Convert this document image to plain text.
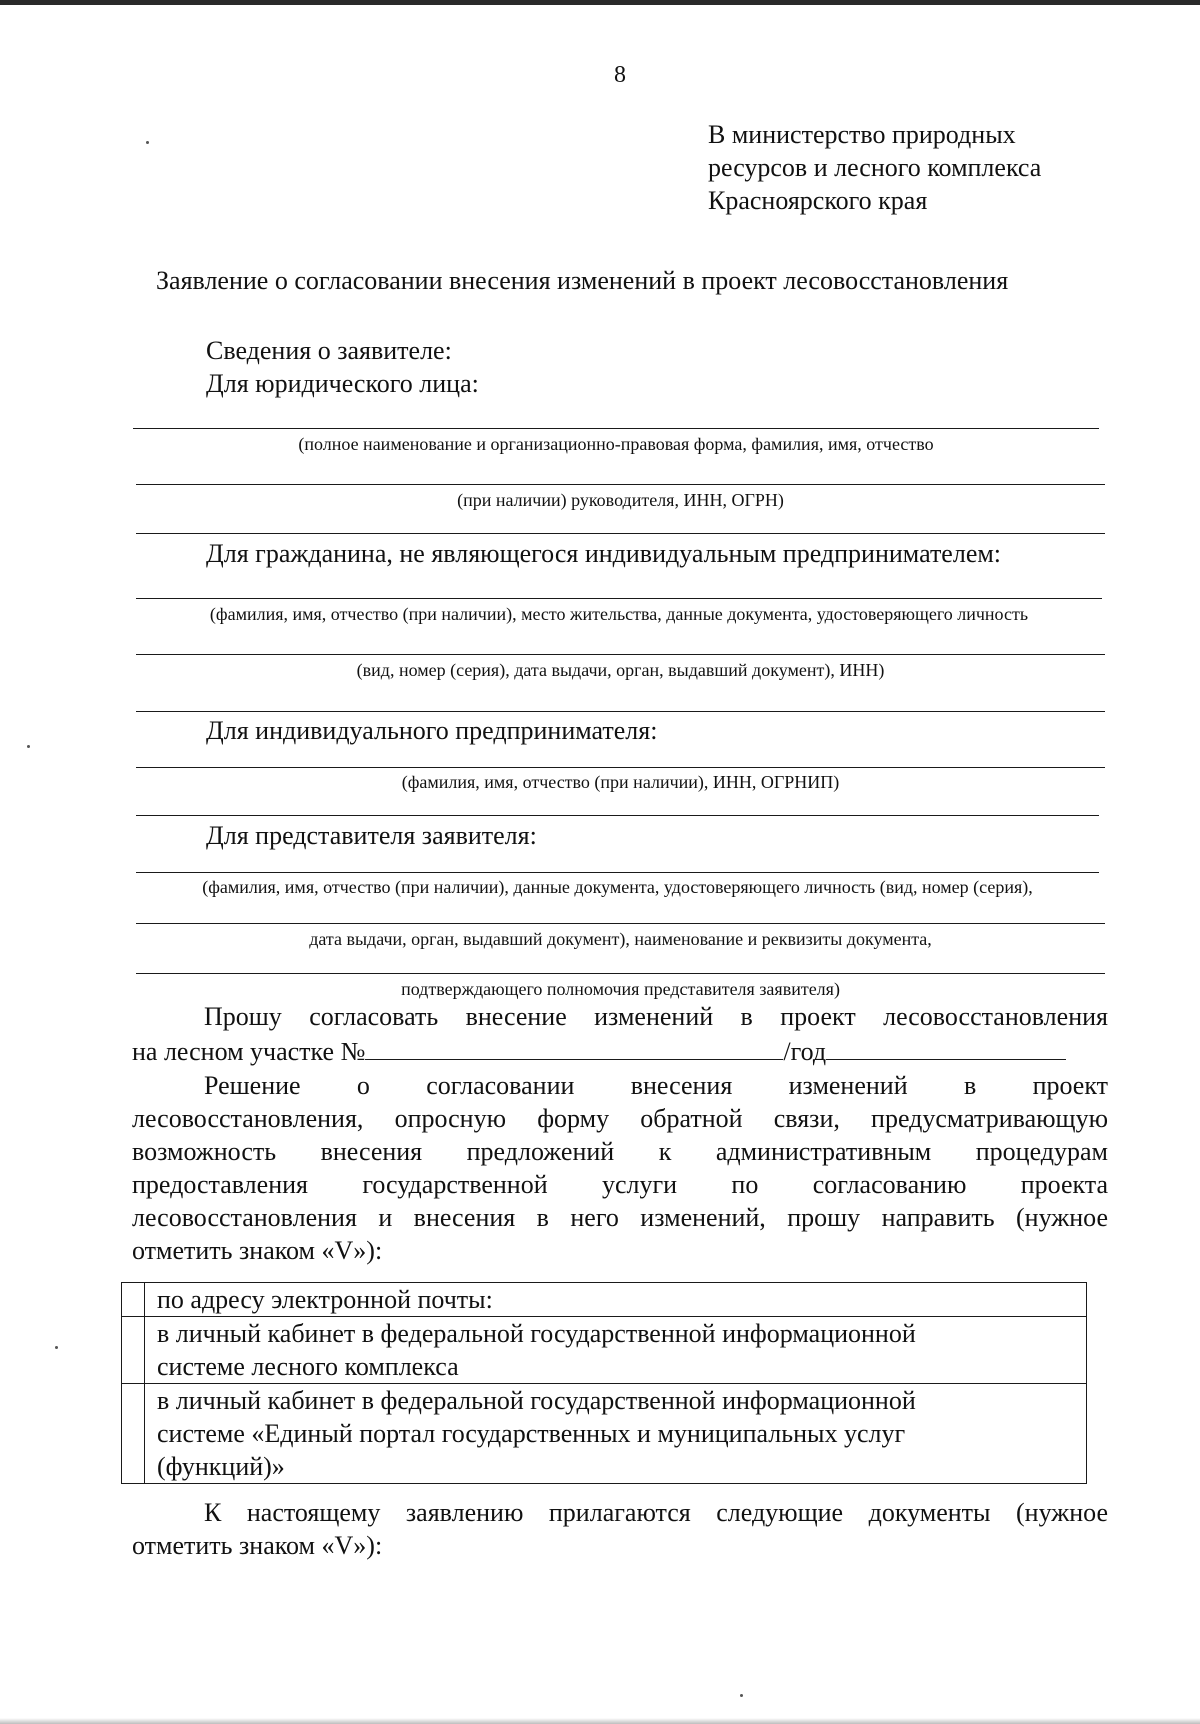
8
В министерство природных
ресурсов и лесного комплекса
Красноярского края
Заявление о согласовании внесения изменений в проект лесовосстановления
Сведения о заявителе:
Для юридического лица:
(полное наименование и организационно-правовая форма, фамилия, имя, отчество
(при наличии) руководителя, ИНН, ОГРН)
Для гражданина, не являющегося индивидуальным предпринимателем:
(фамилия, имя, отчество (при наличии), место жительства, данные документа, удостоверяющего личность
(вид, номер (серия), дата выдачи, орган, выдавший документ), ИНН)
Для индивидуального предпринимателя:
(фамилия, имя, отчество (при наличии), ИНН, ОГРНИП)
Для представителя заявителя:
(фамилия, имя, отчество (при наличии), данные документа, удостоверяющего личность (вид, номер (серия),
дата выдачи, орган, выдавший документ), наименование и реквизиты документа,
подтверждающего полномочия представителя заявителя)
Прошу согласовать внесение изменений в проект лесовосстановления
на лесном участке №	/год
Решение о согласовании внесения изменений в проект
лесовосстановления, опросную форму обратной связи, предусматривающую
возможность внесения предложений к административным процедурам
предоставления государственной услуги по согласованию проекта
лесовосстановления и внесения в него изменений, прошу направить (нужное
отметить знаком «V»):

	по адресу электронной почты:

	в личный кабинет в федеральной государственной информационной
системе лесного комплекса

	в личный кабинет в федеральной государственной информационной
системе «Единый портал государственных и муниципальных услуг
(функций)»
К настоящему заявлению прилагаются следующие документы (нужное
отметить знаком «V»):
